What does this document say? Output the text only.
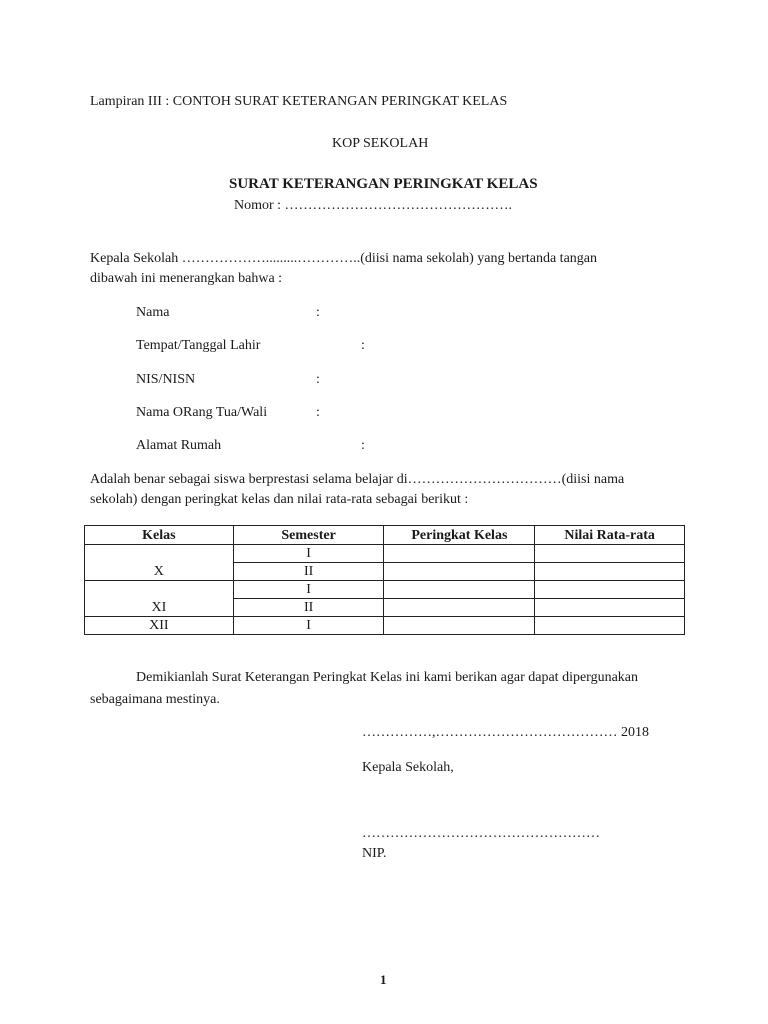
Lampiran III : CONTOH SURAT KETERANGAN PERINGKAT KELAS
KOP SEKOLAH
SURAT KETERANGAN PERINGKAT KELAS
Nomor : ………………………………………….
Kepala Sekolah ……………….........…………..(diisi nama sekolah) yang bertanda tangan
dibawah ini menerangkan bahwa :
Nama	:
Tempat/Tanggal Lahir	:
NIS/NISN	:
Nama ORang Tua/Wali	:
Alamat Rumah	:
Adalah benar sebagai siswa berprestasi selama belajar di……………………………(diisi nama
sekolah) dengan peringkat kelas dan nilai rata-rata sebagai berikut :
Kelas	Semester	Peringkat Kelas	Nilai Rata-rata
X	I		
	II		
XI	I		
	II		
XII	I		
Demikianlah Surat Keterangan Peringkat Kelas ini kami berikan agar dapat dipergunakan
sebagaimana mestinya.
……………,………………………………… 2018
Kepala Sekolah,
……………………………………………
NIP.
1
